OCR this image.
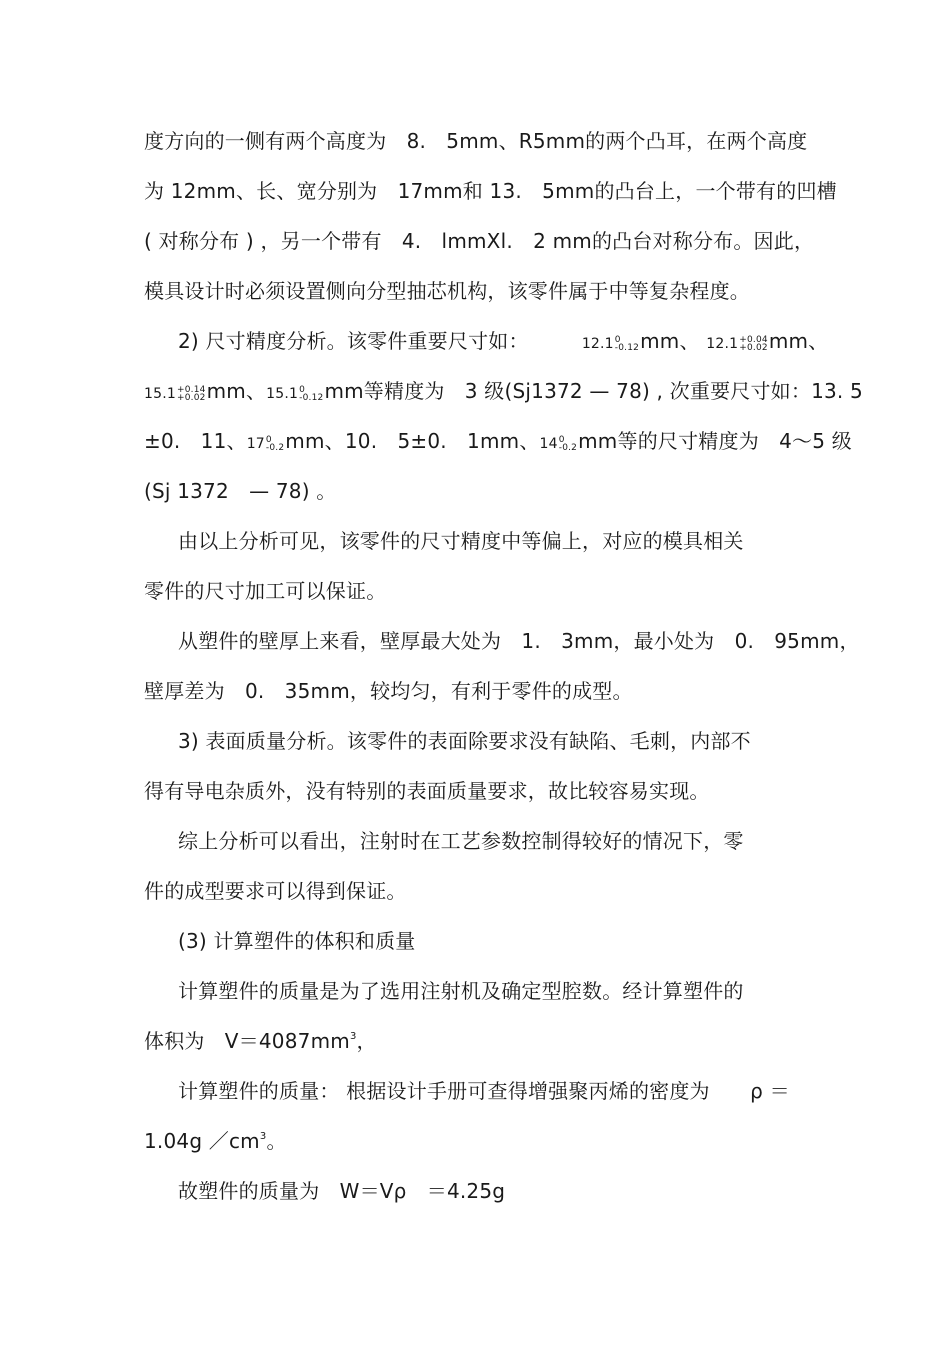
度方向的一侧有两个高度为　8.　5mm、R5mm的两个凸耳，在两个高度
为 12mm、长、宽分别为　17mm和 13.　5mm的凸台上，一个带有的凹槽
( 对称分布 ) ，另一个带有　4.　lmmXl.　2 mm的凸台对称分布。因此，
模具设计时必须设置侧向分型抽芯机构，该零件属于中等复杂程度。
2) 尺寸精度分析。该零件重要尺寸如：	12.1 0
-0.12 mm、 12.1 +0.04
+0.02 mm、
15.1 +0.14
+0.02 mm、15.1 0
-0.12 mm等精度为　3 级(Sj1372 — 78) , 次重要尺寸如：13. 5
±0.　11、17 0
-0.2 mm、10.　5±0.　1mm、14 0
-0.2 mm等的尺寸精度为　4～5 级
(Sj 1372　— 78) 。
由以上分析可见，该零件的尺寸精度中等偏上，对应的模具相关
零件的尺寸加工可以保证。
从塑件的壁厚上来看，壁厚最大处为　1.　3mm，最小处为　0.　95mm，
壁厚差为　0.　35mm，较均匀，有利于零件的成型。
3) 表面质量分析。该零件的表面除要求没有缺陷、毛刺，内部不
得有导电杂质外，没有特别的表面质量要求，故比较容易实现。
综上分析可以看出，注射时在工艺参数控制得较好的情况下，零
件的成型要求可以得到保证。
(3) 计算塑件的体积和质量
计算塑件的质量是为了选用注射机及确定型腔数。经计算塑件的
体积为　$V=4087mm^3$，
计算塑件的质量： 根据设计手册可查得增强聚丙烯的密度为　　ρ ＝
1.04g $/cm^3$。
故塑件的质量为　W＝Vρ　＝4.25g
